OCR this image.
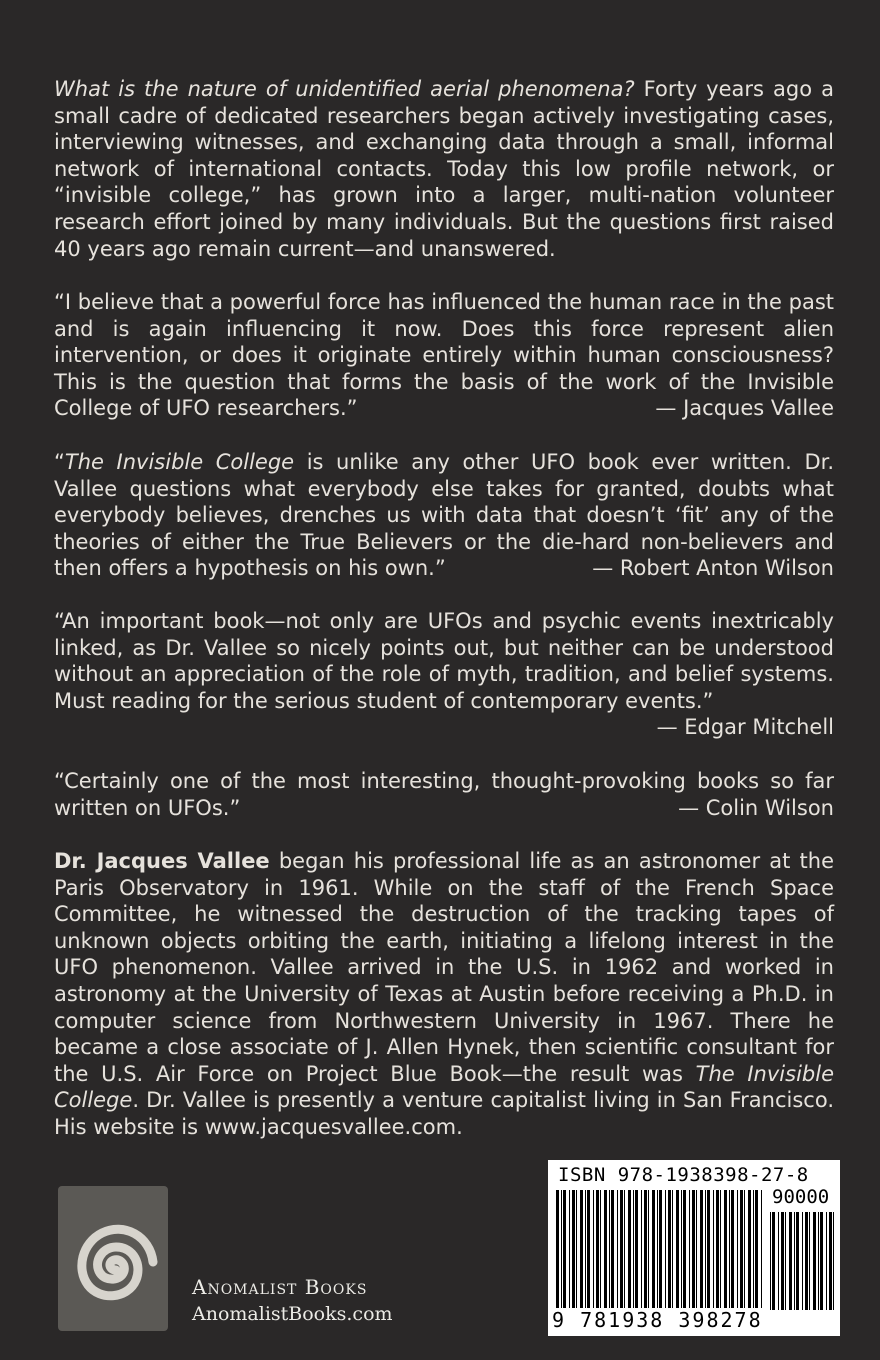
What is the nature of unidentified aerial phenomena? Forty years ago a small cadre of dedicated researchers began actively investigating cases, interviewing witnesses, and exchanging data through a small, informal network of international contacts. Today this low profile network, or “invisible college,” has grown into a larger, multi-nation volunteer research effort joined by many individuals. But the questions first raised 40 years ago remain current—and unanswered.

“I believe that a powerful force has influenced the human race in the past and is again influencing it now. Does this force represent alien intervention, or does it originate entirely within human consciousness? This is the question that forms the basis of the work of the Invisible College of UFO researchers.”	— Jacques Vallee

“The Invisible College is unlike any other UFO book ever written. Dr. Vallee questions what everybody else takes for granted, doubts what everybody believes, drenches us with data that doesn’t ‘fit’ any of the theories of either the True Believers or the die-hard non-believers and then offers a hypothesis on his own.”	— Robert Anton Wilson

“An important book—not only are UFOs and psychic events inextricably linked, as Dr. Vallee so nicely points out, but neither can be understood without an appreciation of the role of myth, tradition, and belief systems. Must reading for the serious student of contemporary events.”

— Edgar Mitchell

“Certainly one of the most interesting, thought-provoking books so far written on UFOs.”	— Colin Wilson

Dr. Jacques Vallee began his professional life as an astronomer at the Paris Observatory in 1961. While on the staff of the French Space Committee, he witnessed the destruction of the tracking tapes of unknown objects orbiting the earth, initiating a lifelong interest in the UFO phenomenon. Vallee arrived in the U.S. in 1962 and worked in astronomy at the University of Texas at Austin before receiving a Ph.D. in computer science from Northwestern University in 1967. There he became a close associate of J. Allen Hynek, then scientific consultant for the U.S. Air Force on Project Blue Book—the result was The Invisible College. Dr. Vallee is presently a venture capitalist living in San Francisco. His website is www.jacquesvallee.com.

Anomalist Books
AnomalistBooks.com
ISBN 978-1938398-27-8
90000
9 781938 398278
